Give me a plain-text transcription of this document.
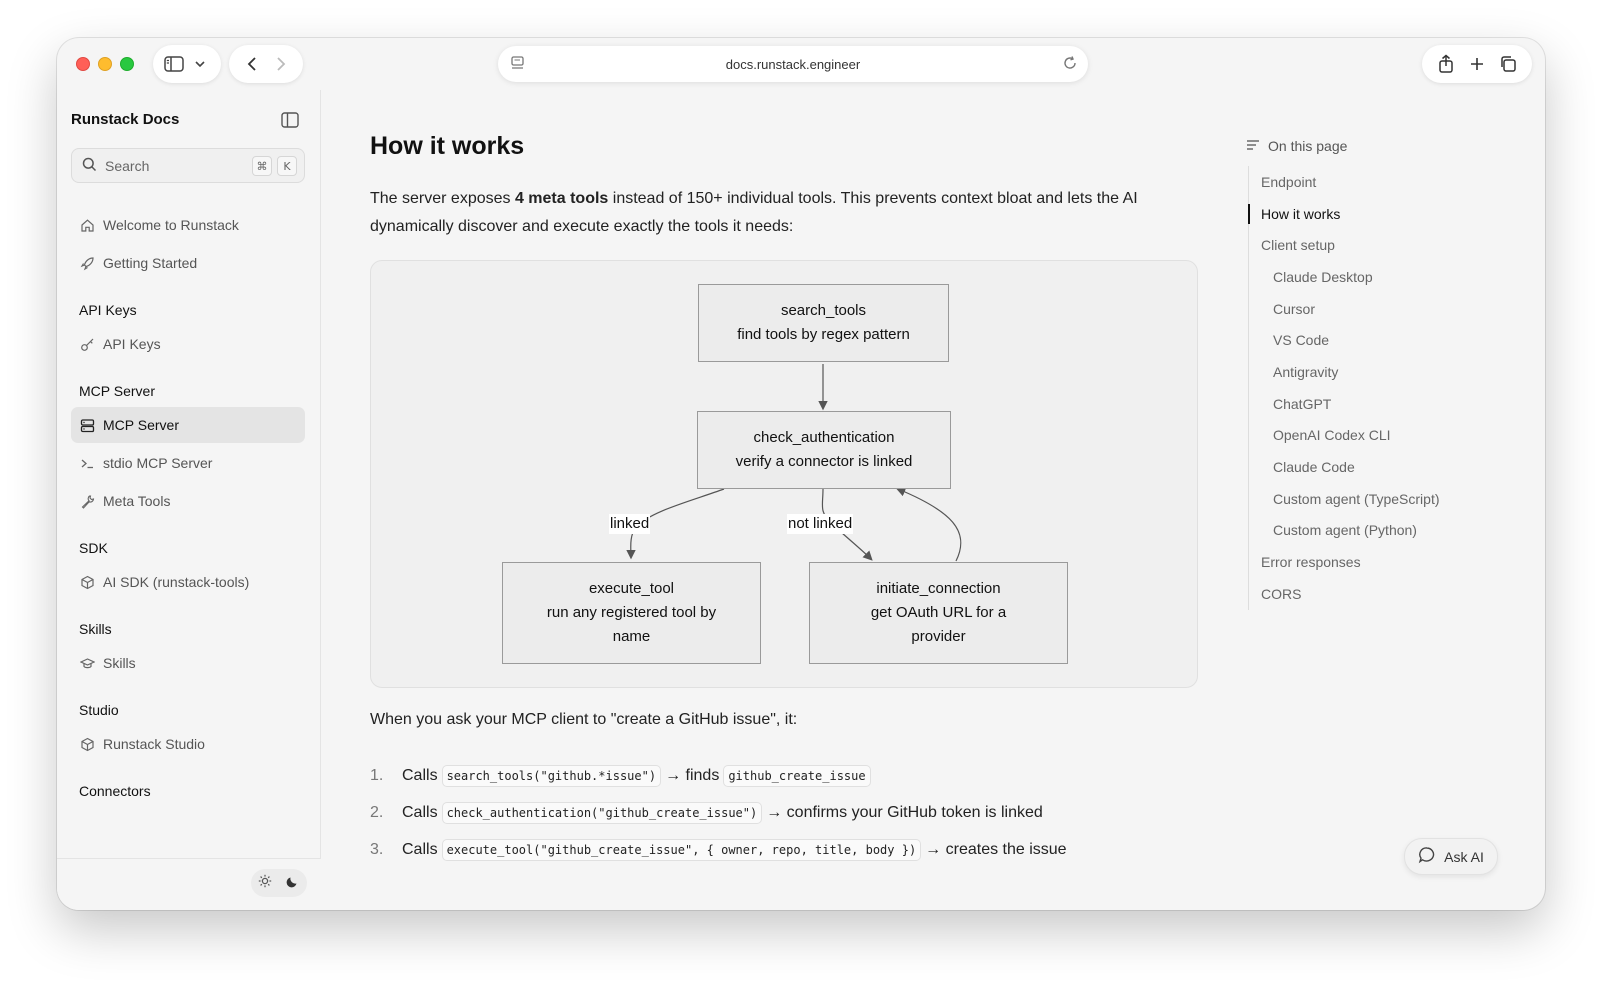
docs.runstack.engineer
Runstack Docs
Search	⌘	K
Welcome to Runstack
Getting Started
API Keys
API Keys
MCP Server
MCP Server
stdio MCP Server
Meta Tools
SDK
AI SDK (runstack-tools)
Skills
Skills
Studio
Runstack Studio
Connectors
How it works

The server exposes 4 meta tools instead of 150+ individual tools. This prevents context bloat and lets the AI dynamically discover and execute exactly the tools it needs:

search_tools
find tools by regex pattern
check_authentication
verify a connector is linked
execute_tool
run any registered tool by
name
initiate_connection
get OAuth URL for a
provider
linked	not linked

When you ask your MCP client to "create a GitHub issue", it:

1.	Calls search_tools("github.*issue") → finds github_create_issue
2.	Calls check_authentication("github_create_issue") → confirms your GitHub token is linked
3.	Calls execute_tool("github_create_issue", { owner, repo, title, body }) → creates the issue
On this page
Endpoint
How it works
Client setup
Claude Desktop
Cursor
VS Code
Antigravity
ChatGPT
OpenAI Codex CLI
Claude Code
Custom agent (TypeScript)
Custom agent (Python)
Error responses
CORS
Ask AI
